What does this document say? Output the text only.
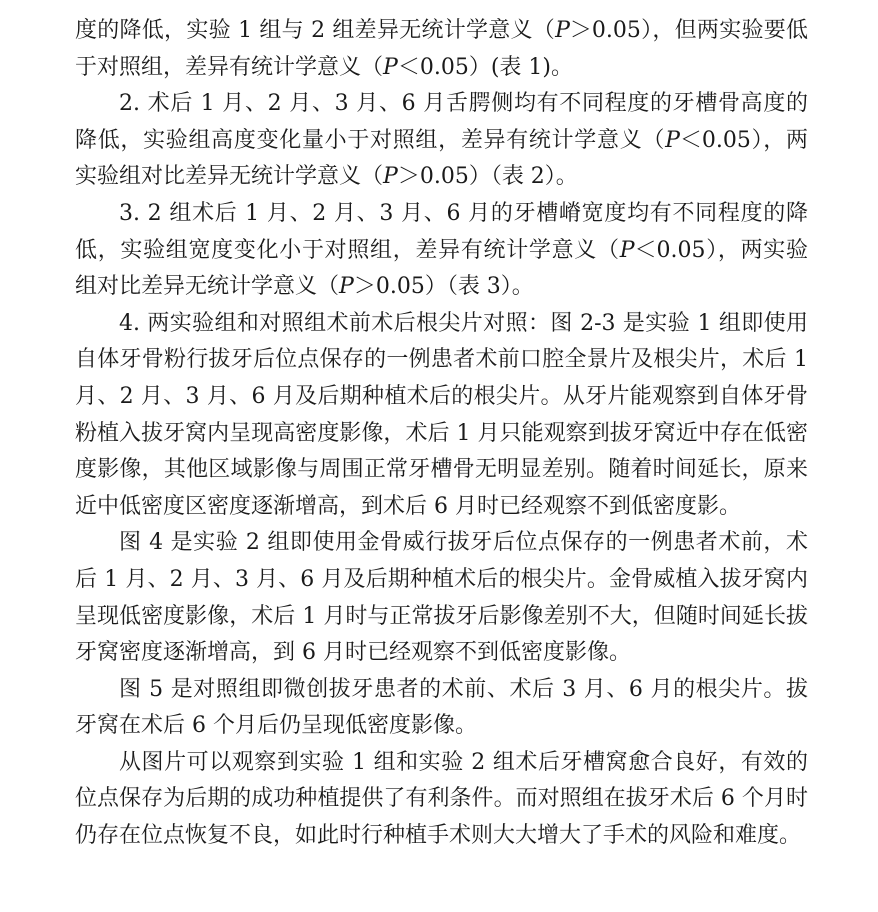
度的降低，实验 1 组与 2 组差异无统计学意义（P＞0.05），但两实验要低于对照组，差异有统计学意义（P＜0.05）(表 1)。

2. 术后 1 月、2 月、3 月、6 月舌腭侧均有不同程度的牙槽骨高度的降低，实验组高度变化量小于对照组，差异有统计学意义（P＜0.05），两实验组对比差异无统计学意义（P＞0.05）（表 2）。

3. 2 组术后 1 月、2 月、3 月、6 月的牙槽嵴宽度均有不同程度的降低，实验组宽度变化小于对照组，差异有统计学意义（P＜0.05），两实验组对比差异无统计学意义（P＞0.05）（表 3）。

4. 两实验组和对照组术前术后根尖片对照：图 2-3 是实验 1 组即使用自体牙骨粉行拔牙后位点保存的一例患者术前口腔全景片及根尖片，术后 1 月、2 月、3 月、6 月及后期种植术后的根尖片。从牙片能观察到自体牙骨粉植入拔牙窝内呈现高密度影像，术后 1 月只能观察到拔牙窝近中存在低密度影像，其他区域影像与周围正常牙槽骨无明显差别。随着时间延长，原来近中低密度区密度逐渐增高，到术后 6 月时已经观察不到低密度影。

图 4 是实验 2 组即使用金骨威行拔牙后位点保存的一例患者术前，术后 1 月、2 月、3 月、6 月及后期种植术后的根尖片。金骨威植入拔牙窝内呈现低密度影像，术后 1 月时与正常拔牙后影像差别不大，但随时间延长拔牙窝密度逐渐增高，到 6 月时已经观察不到低密度影像。

图 5 是对照组即微创拔牙患者的术前、术后 3 月、6 月的根尖片。拔牙窝在术后 6 个月后仍呈现低密度影像。

从图片可以观察到实验 1 组和实验 2 组术后牙槽窝愈合良好，有效的位点保存为后期的成功种植提供了有利条件。而对照组在拔牙术后 6 个月时仍存在位点恢复不良，如此时行种植手术则大大增大了手术的风险和难度。
